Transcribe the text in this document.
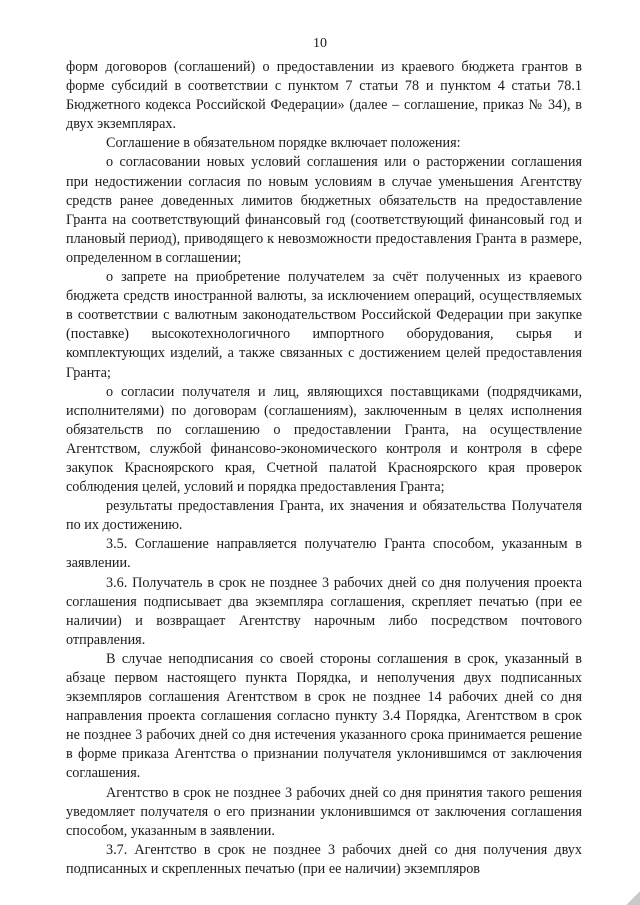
10

форм договоров (соглашений) о предоставлении из краевого бюджета грантов в форме субсидий в соответствии с пунктом 7 статьи 78 и пунктом 4 статьи 78.1 Бюджетного кодекса Российской Федерации» (далее – соглашение, приказ № 34), в двух экземплярах.

Соглашение в обязательном порядке включает положения:

о согласовании новых условий соглашения или о расторжении соглашения при недостижении согласия по новым условиям в случае уменьшения Агентству средств ранее доведенных лимитов бюджетных обязательств на предоставление Гранта на соответствующий финансовый год (соответствующий финансовый год и плановый период), приводящего к невозможности предоставления Гранта в размере, определенном в соглашении;

о запрете на приобретение получателем за счёт полученных из краевого бюджета средств иностранной валюты, за исключением операций, осуществляемых в соответствии с валютным законодательством Российской Федерации при закупке (поставке) высокотехнологичного импортного оборудования, сырья и комплектующих изделий, а также связанных с достижением целей предоставления Гранта;

о согласии получателя и лиц, являющихся поставщиками (подрядчиками, исполнителями) по договорам (соглашениям), заключенным в целях исполнения обязательств по соглашению о предоставлении Гранта, на осуществление Агентством, службой финансово-экономического контроля и контроля в сфере закупок Красноярского края, Счетной палатой Красноярского края проверок соблюдения целей, условий и порядка предоставления Гранта;

результаты предоставления Гранта, их значения и обязательства Получателя по их достижению.

3.5. Соглашение направляется получателю Гранта способом, указанным в заявлении.

3.6. Получатель в срок не позднее 3 рабочих дней со дня получения проекта соглашения подписывает два экземпляра соглашения, скрепляет печатью (при ее наличии) и возвращает Агентству нарочным либо посредством почтового отправления.

В случае неподписания со своей стороны соглашения в срок, указанный в абзаце первом настоящего пункта Порядка, и неполучения двух подписанных экземпляров соглашения Агентством в срок не позднее 14 рабочих дней со дня направления проекта соглашения согласно пункту 3.4 Порядка, Агентством в срок не позднее 3 рабочих дней со дня истечения указанного срока принимается решение в форме приказа Агентства о признании получателя уклонившимся от заключения соглашения.

Агентство в срок не позднее 3 рабочих дней со дня принятия такого решения уведомляет получателя о его признании уклонившимся от заключения соглашения способом, указанным в заявлении.

3.7. Агентство в срок не позднее 3 рабочих дней со дня получения двух подписанных и скрепленных печатью (при ее наличии) экземпляров
